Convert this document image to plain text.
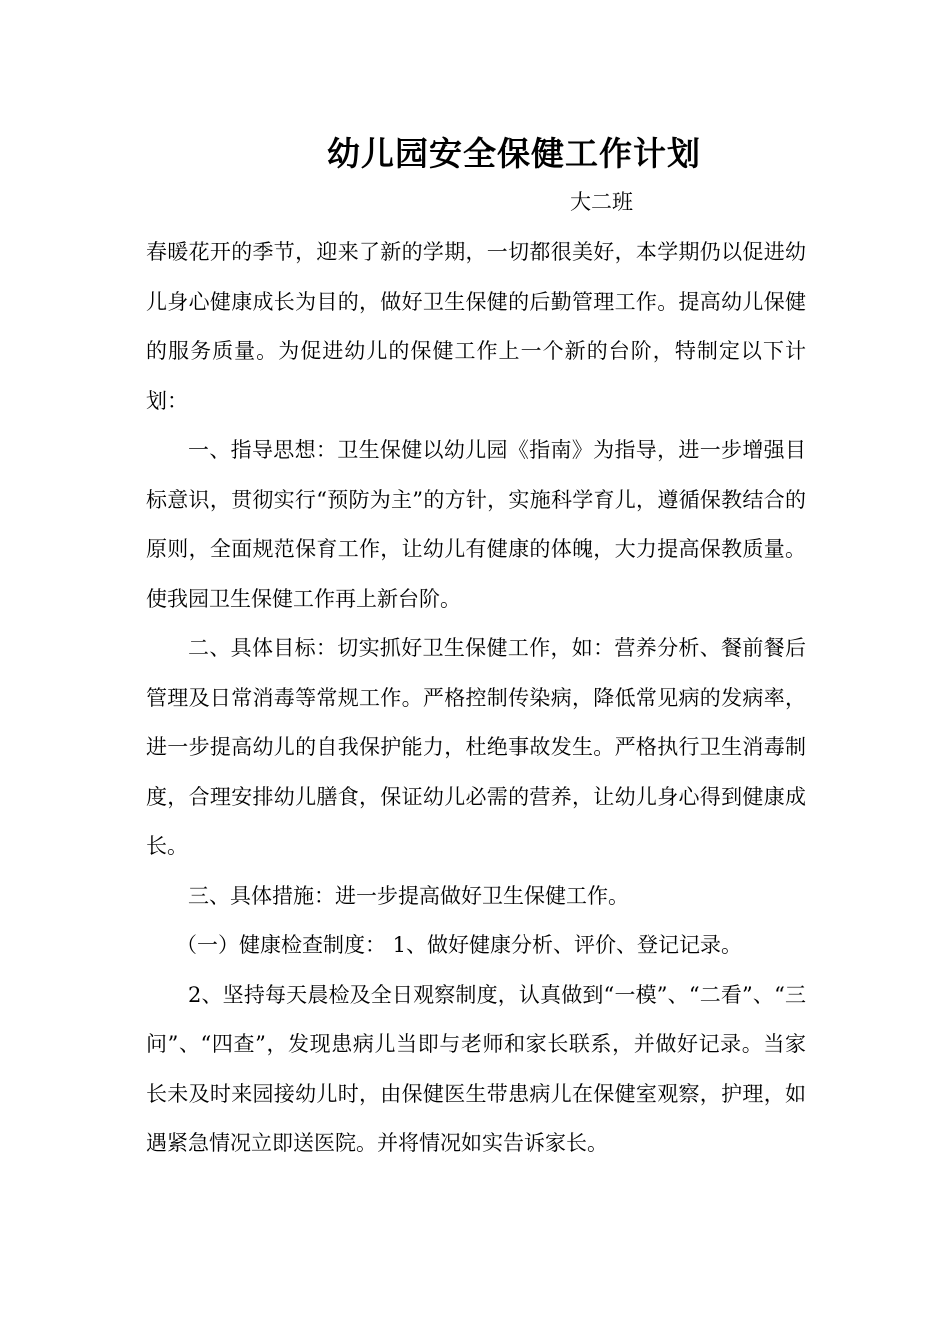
幼儿园安全保健工作计划
大二班

春暖花开的季节，迎来了新的学期，一切都很美好，本学期仍以促进幼儿身心健康成长为目的，做好卫生保健的后勤管理工作。提高幼儿保健的服务质量。为促进幼儿的保健工作上一个新的台阶，特制定以下计划：

一、指导思想：卫生保健以幼儿园《指南》为指导，进一步增强目标意识，贯彻实行“预防为主”的方针，实施科学育儿，遵循保教结合的原则，全面规范保育工作，让幼儿有健康的体魄，大力提高保教质量。使我园卫生保健工作再上新台阶。

二、具体目标：切实抓好卫生保健工作，如：营养分析、餐前餐后管理及日常消毒等常规工作。严格控制传染病，降低常见病的发病率，进一步提高幼儿的自我保护能力，杜绝事故发生。严格执行卫生消毒制度，合理安排幼儿膳食，保证幼儿必需的营养，让幼儿身心得到健康成长。

三、具体措施：进一步提高做好卫生保健工作。

（一）健康检查制度： 1、做好健康分析、评价、登记记录。

2、坚持每天晨检及全日观察制度，认真做到“一模”、“二看”、“三问”、“四查”，发现患病儿当即与老师和家长联系，并做好记录。当家长未及时来园接幼儿时，由保健医生带患病儿在保健室观察，护理，如遇紧急情况立即送医院。并将情况如实告诉家长。
